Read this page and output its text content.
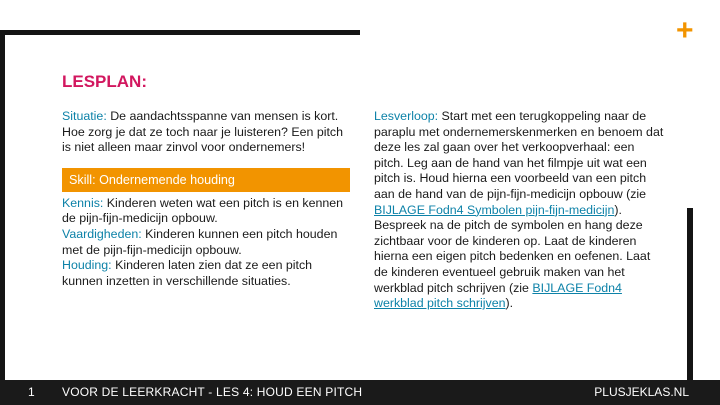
+
LESPLAN:

Situatie: De aandachtsspanne van mensen is kort. Hoe zorg je dat ze toch naar je luisteren? Een pitch is niet alleen maar zinvol voor ondernemers!

Skill: Ondernemende houding

Kennis: Kinderen weten wat een pitch is en kennen de pijn-fijn-medicijn opbouw.

Vaardigheden: Kinderen kunnen een pitch houden met de pijn-fijn-medicijn opbouw.

Houding: Kinderen laten zien dat ze een pitch kunnen inzetten in verschillende situaties.

Lesverloop: Start met een terugkoppeling naar de paraplu met ondernemerskenmerken en benoem dat deze les zal gaan over het verkoopverhaal: een pitch. Leg aan de hand van het filmpje uit wat een pitch is. Houd hierna een voorbeeld van een pitch aan de hand van de pijn-fijn-medicijn opbouw (zie BIJLAGE Fodn4 Symbolen pijn-fijn-medicijn). Bespreek na de pitch de symbolen en hang deze zichtbaar voor de kinderen op. Laat de kinderen hierna een eigen pitch bedenken en oefenen. Laat de kinderen eventueel gebruik maken van het werkblad pitch schrijven (zie BIJLAGE Fodn4 werkblad pitch schrijven).

1 VOOR DE LEERKRACHT - LES 4: HOUD EEN PITCH	PLUSJEKLAS.NL
